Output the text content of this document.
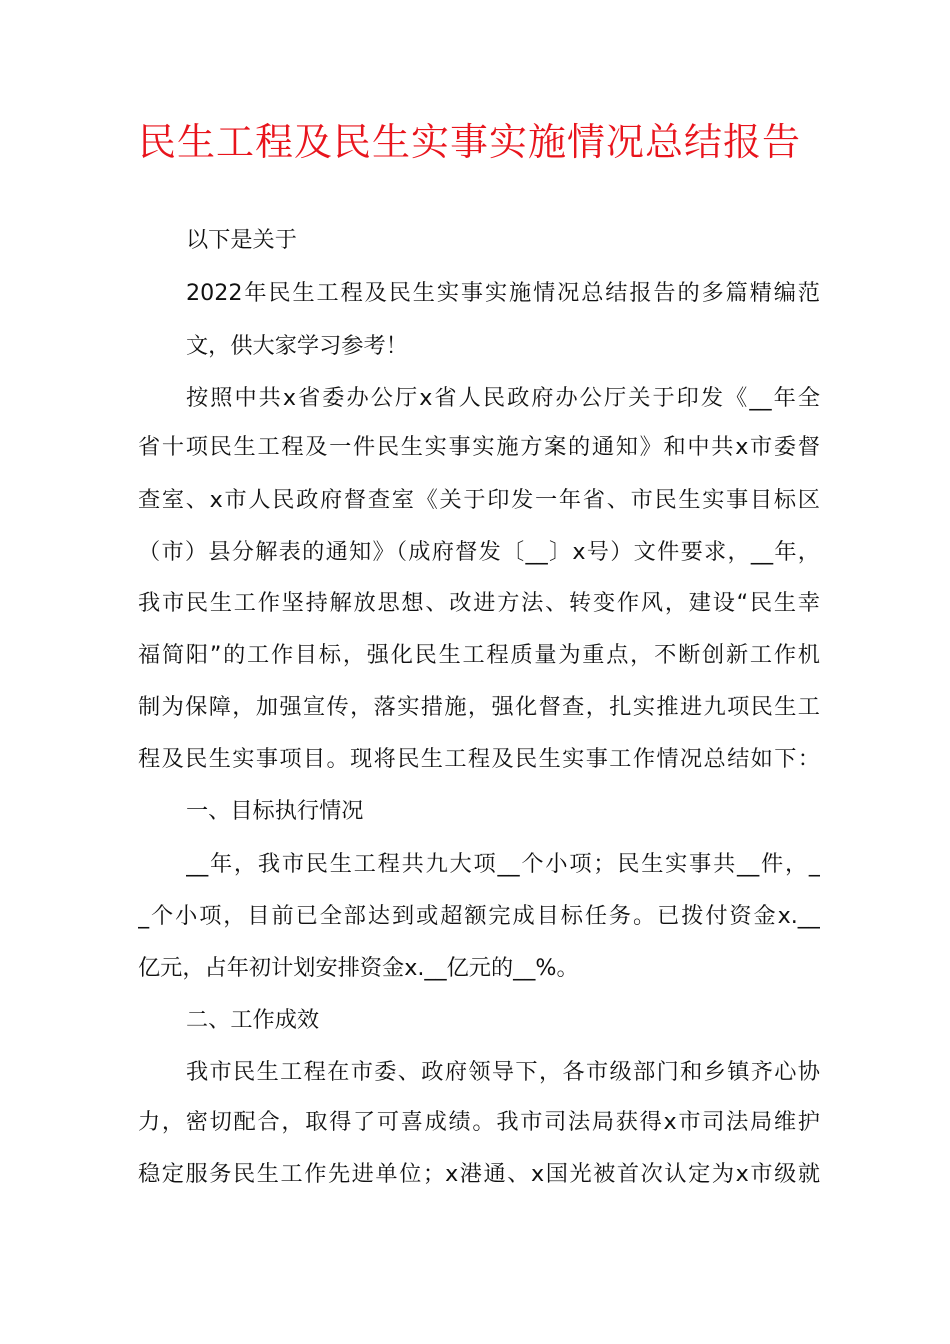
民生工程及民生实事实施情况总结报告

以下是关于

2022年民生工程及民生实事实施情况总结报告的多篇精编范

文，供大家学习参考！

按照中共x省委办公厅x省人民政府办公厅关于印发《__年全

省十项民生工程及一件民生实事实施方案的通知》和中共x市委督

查室、x市人民政府督查室《关于印发一年省、市民生实事目标区

（市）县分解表的通知》（成府督发〔__〕x号）文件要求，__年，

我市民生工作坚持解放思想、改进方法、转变作风，建设“民生幸

福简阳”的工作目标，强化民生工程质量为重点，不断创新工作机

制为保障，加强宣传，落实措施，强化督查，扎实推进九项民生工

程及民生实事项目。现将民生工程及民生实事工作情况总结如下：

一、目标执行情况

__年，我市民生工程共九大项__个小项；民生实事共__件，_

_个小项，目前已全部达到或超额完成目标任务。已拨付资金x.__

亿元，占年初计划安排资金x.__亿元的__%。

二、工作成效

我市民生工程在市委、政府领导下，各市级部门和乡镇齐心协

力，密切配合，取得了可喜成绩。我市司法局获得x市司法局维护

稳定服务民生工作先进单位；x港通、x国光被首次认定为x市级就
